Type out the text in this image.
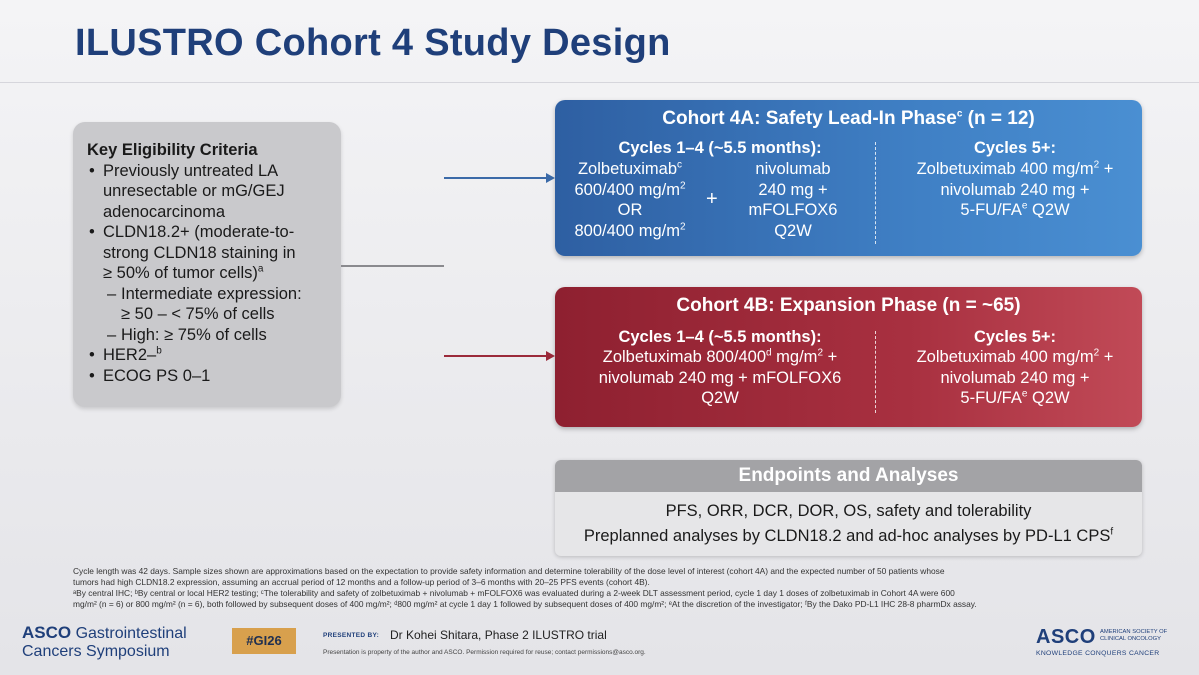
ILUSTRO Cohort 4 Study Design
Key Eligibility Criteria
• Previously untreated LA
unresectable or mG/GEJ
adenocarcinoma
• CLDN18.2+ (moderate-to-
strong CLDN18 staining in
≥ 50% of tumor cells)$^a$
– Intermediate expression:
≥ 50 – < 75% of cells
– High: ≥ 75% of cells
• HER2–$^b$
• ECOG PS 0–1
Cohort 4A: Safety Lead-In Phase$^c$ (n = 12)
Cycles 1–4 (~5.5 months):
Zolbetuximab$^c$
600/400 $mg/m^2$
OR
800/400 $mg/m^2$
+
nivolumab
240 mg +
mFOLFOX6
Q2W
Cycles 5+:
Zolbetuximab 400 $mg/m^2$ +
nivolumab 240 mg +
$5-FU/FA^e$ Q2W
Cohort 4B: Expansion Phase (n = ~65)
Cycles 1–4 (~5.5 months):
Zolbetuximab 800/400$^d$ $mg/m^2$ +
nivolumab 240 mg + mFOLFOX6
Q2W
Cycles 5+:
Zolbetuximab 400 $mg/m^2$ +
nivolumab 240 mg +
$5-FU/FA^e$ Q2W
Endpoints and Analyses
PFS, ORR, DCR, DOR, OS, safety and tolerability
Preplanned analyses by CLDN18.2 and ad-hoc analyses by PD-L1 CPS$^f$
Cycle length was 42 days. Sample sizes shown are approximations based on the expectation to provide safety information and determine tolerability of the dose level of interest (cohort 4A) and the expected number of 50 patients whose
tumors had high CLDN18.2 expression, assuming an accrual period of 12 months and a follow-up period of 3–6 months with 20–25 PFS events (cohort 4B).
ᵃBy central IHC; ᵇBy central or local HER2 testing; ᶜThe tolerability and safety of zolbetuximab + nivolumab + mFOLFOX6 was evaluated during a 2-week DLT assessment period, cycle 1 day 1 doses of zolbetuximab in Cohort 4A were 600
mg/m² (n = 6) or 800 mg/m² (n = 6), both followed by subsequent doses of 400 mg/m²; ᵈ800 mg/m² at cycle 1 day 1 followed by subsequent doses of 400 mg/m²; ᵉAt the discretion of the investigator; ᶠBy the Dako PD-L1 IHC 28-8 pharmDx assay.
ASCO Gastrointestinal
Cancers Symposium
#GI26	PRESENTED BY: Dr Kohei Shitara, Phase 2 ILUSTRO trial
Presentation is property of the author and ASCO. Permission required for reuse; contact permissions@asco.org.
ASCO AMERICAN SOCIETY OF CLINICAL ONCOLOGY
KNOWLEDGE CONQUERS CANCER
